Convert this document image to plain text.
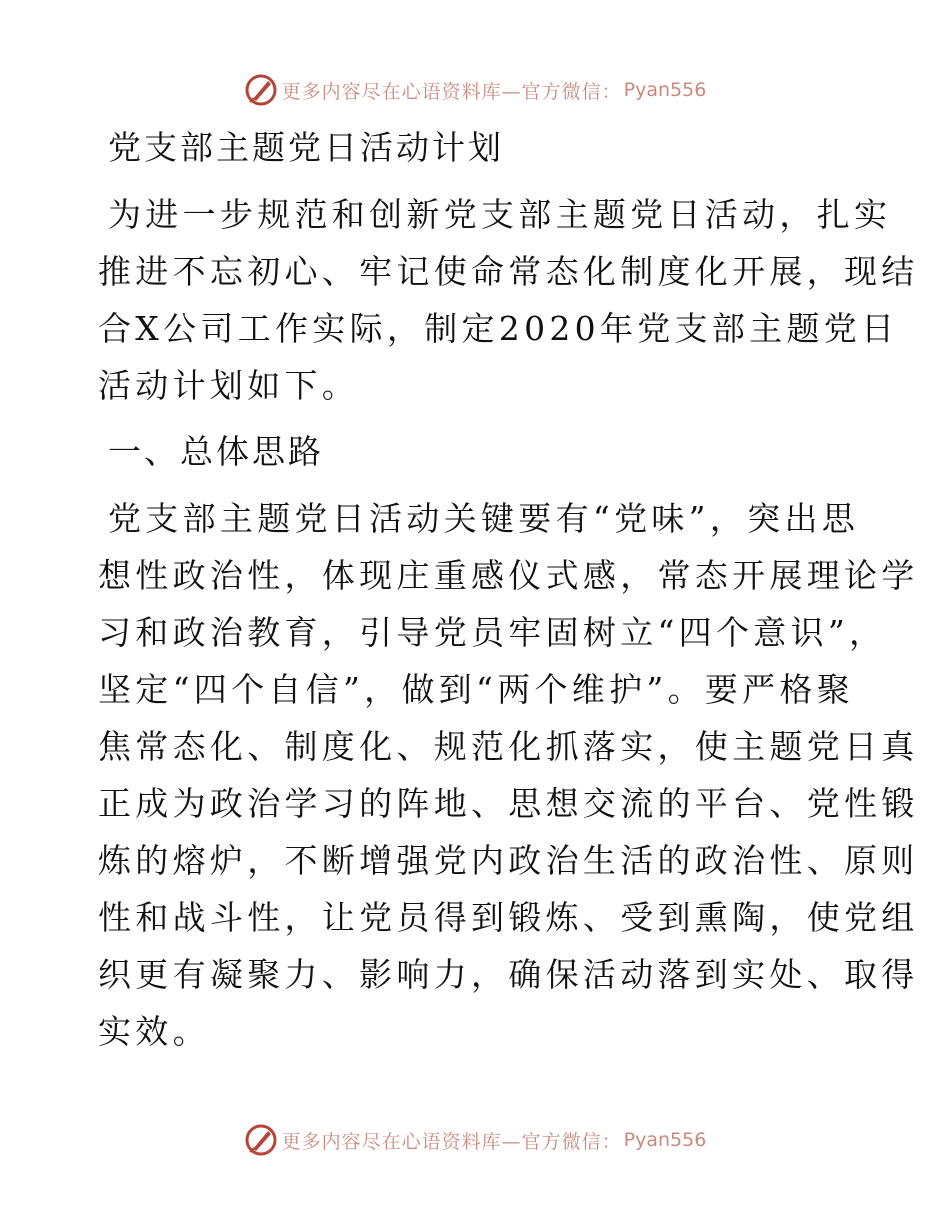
更多内容尽在心语资料库—官方微信： Pyan556
党支部主题党日活动计划
为进一步规范和创新党支部主题党日活动，扎实
推进不忘初心、牢记使命常态化制度化开展，现结
合X公司工作实际，制定2020年党支部主题党日
活动计划如下。
一、总体思路
党支部主题党日活动关键要有“党味”，突出思
想性政治性，体现庄重感仪式感，常态开展理论学
习和政治教育，引导党员牢固树立“四个意识”，
坚定“四个自信”，做到“两个维护”。要严格聚
焦常态化、制度化、规范化抓落实，使主题党日真
正成为政治学习的阵地、思想交流的平台、党性锻
炼的熔炉，不断增强党内政治生活的政治性、原则
性和战斗性，让党员得到锻炼、受到熏陶，使党组
织更有凝聚力、影响力，确保活动落到实处、取得
实效。
更多内容尽在心语资料库—官方微信： Pyan556
